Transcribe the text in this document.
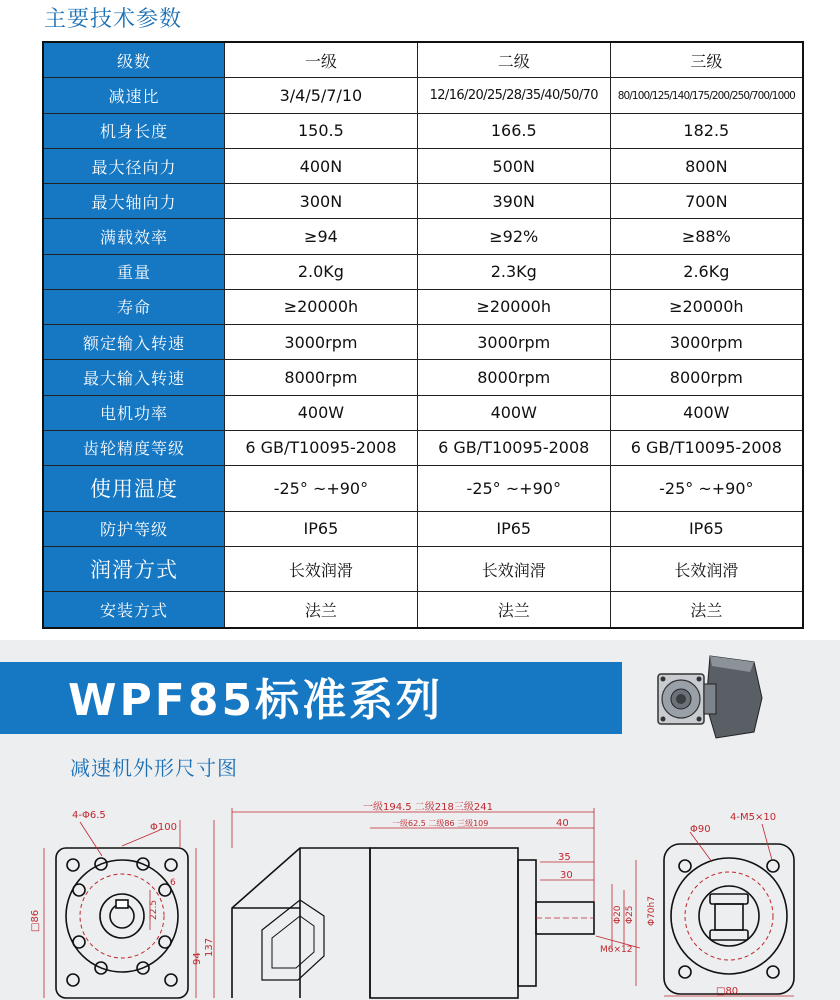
主要技术参数
级数	一级	二级	三级
减速比	3/4/5/7/10	12/16/20/25/28/35/40/50/70	80/100/125/140/175/200/250/700/1000
机身长度	150.5	166.5	182.5
最大径向力	400N	500N	800N
最大轴向力	300N	390N	700N
满载效率	≥94	≥92%	≥88%
重量	2.0Kg	2.3Kg	2.6Kg
寿命	≥20000h	≥20000h	≥20000h
额定输入转速	3000rpm	3000rpm	3000rpm
最大输入转速	8000rpm	8000rpm	8000rpm
电机功率	400W	400W	400W
齿轮精度等级	6 GB/T10095-2008	6 GB/T10095-2008	6 GB/T10095-2008
使用温度	-25° ~+90°	-25° ~+90°	-25° ~+90°
防护等级	IP65	IP65	IP65
润滑方式	长效润滑	长效润滑	长效润滑
安装方式	法兰	法兰	法兰
WPF85标准系列
减速机外形尺寸图
4-Φ6.5
Φ100
□86
94
137
6
22.5
一级194.5 二级218三级241
一级62.5 二级86 三级109	40
35
30
Φ20 Φ25 Φ70h7
M6×12
Φ90
4-M5×10
□80
